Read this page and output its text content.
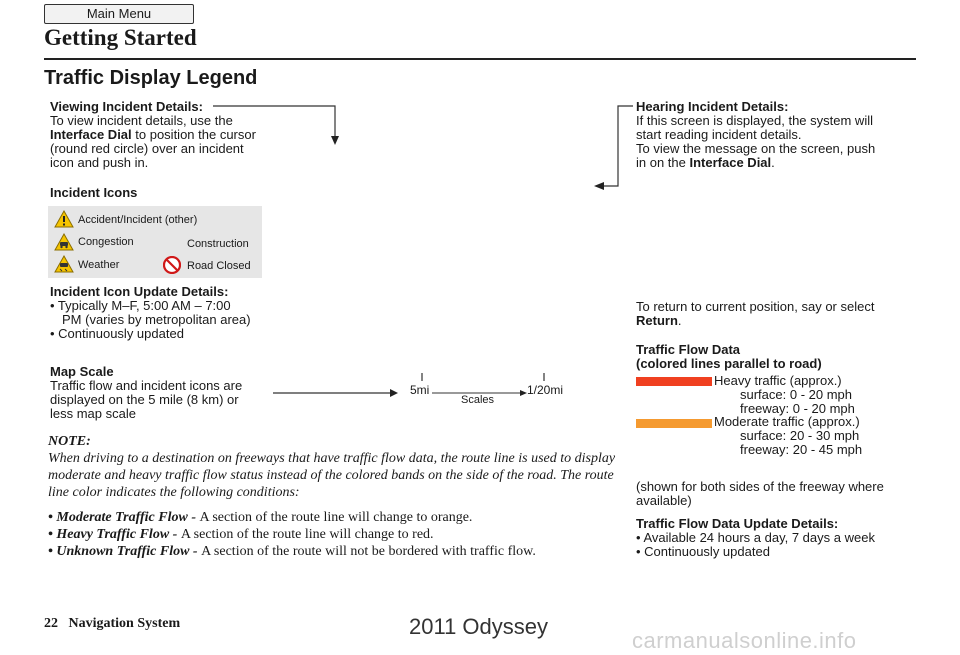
Main Menu
Getting Started
Traffic Display Legend
Viewing Incident Details:
To view incident details, use the
Interface Dial to position the cursor
(round red circle) over an incident
icon and push in.
Hearing Incident Details:
If this screen is displayed, the system will
start reading incident details.
To view the message on the screen, push
in on the Interface Dial.
Incident Icons
Accident/Incident (other)
Congestion	Construction
Weather	Road Closed
Incident Icon Update Details:
• Typically M–F, 5:00 AM – 7:00
PM (varies by metropolitan area)
• Continuously updated
Map Scale
Traffic flow and incident icons are
displayed on the 5 mile (8 km) or
less map scale
5mi	1/20mi
Scales
To return to current position, say or select
Return.
Traffic Flow Data
(colored lines parallel to road)
Heavy traffic (approx.)
surface: 0 - 20 mph
freeway: 0 - 20 mph
Moderate traffic (approx.)
surface: 20 - 30 mph
freeway: 20 - 45 mph
(shown for both sides of the freeway where
available)
Traffic Flow Data Update Details:
• Available 24 hours a day, 7 days a week
• Continuously updated
NOTE:
When driving to a destination on freeways that have traffic flow data, the route line is used to display moderate and heavy traffic flow status instead of the colored bands on the side of the road. The route line color indicates the following conditions:
• Moderate Traffic Flow - A section of the route line will change to orange.
• Heavy Traffic Flow - A section of the route line will change to red.
• Unknown Traffic Flow - A section of the route will not be bordered with traffic flow.
22 Navigation System	2011 Odyssey
carmanualsonline.info
